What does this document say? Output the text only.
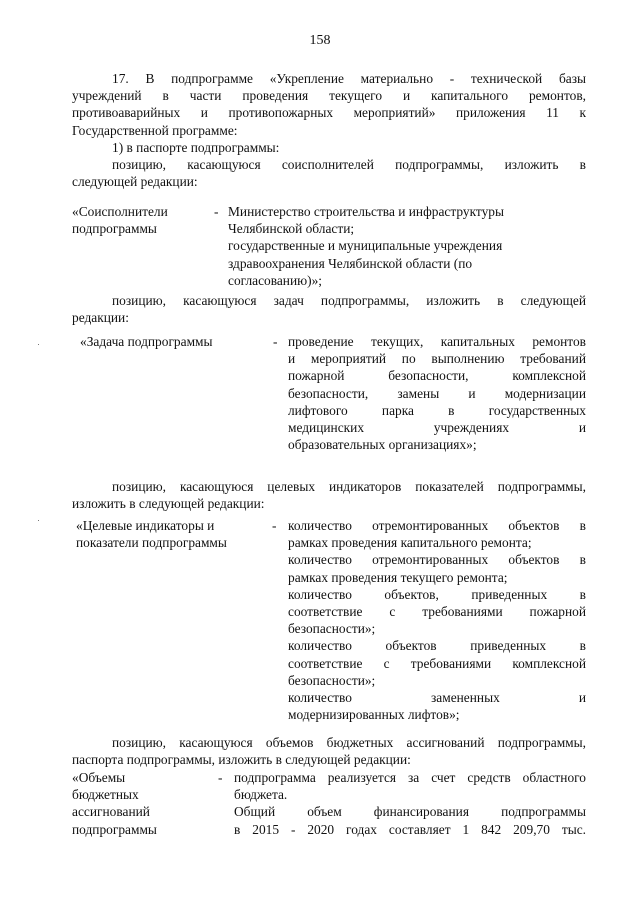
158
17. В подпрограмме «Укрепление материально - технической базы
учреждений в части проведения текущего и капитального ремонтов,
противоаварийных и противопожарных мероприятий» приложения 11 к
Государственной программе:
1) в паспорте подпрограммы:
позицию, касающуюся соисполнителей подпрограммы, изложить в
следующей редакции:
«Соисполнители
подпрограммы
- Министерство строительства и инфраструктуры
Челябинской области;
государственные и муниципальные учреждения
здравоохранения Челябинской области (по
согласованию)»;
позицию, касающуюся задач подпрограммы, изложить в следующей
редакции:
«Задача подпрограммы	- проведение текущих, капитальных ремонтов
и мероприятий по выполнению требований
пожарной безопасности, комплексной
безопасности, замены и модернизации
лифтового парка в государственных
медицинских учреждениях и
образовательных организациях»;
позицию, касающуюся целевых индикаторов показателей подпрограммы,
изложить в следующей редакции:
«Целевые индикаторы и
показатели подпрограммы
- количество отремонтированных объектов в
рамках проведения капитального ремонта;
количество отремонтированных объектов в
рамках проведения текущего ремонта;
количество объектов, приведенных в
соответствие с требованиями пожарной
безопасности»;
количество объектов приведенных в
соответствие с требованиями комплексной
безопасности»;
количество замененных и
модернизированных лифтов»;
позицию, касающуюся объемов бюджетных ассигнований подпрограммы,
паспорта подпрограммы, изложить в следующей редакции:
«Объемы
бюджетных
ассигнований
подпрограммы
- подпрограмма реализуется за счет средств областного
бюджета.
Общий объем финансирования подпрограммы
в 2015 - 2020 годах составляет 1 842 209,70 тыс.
